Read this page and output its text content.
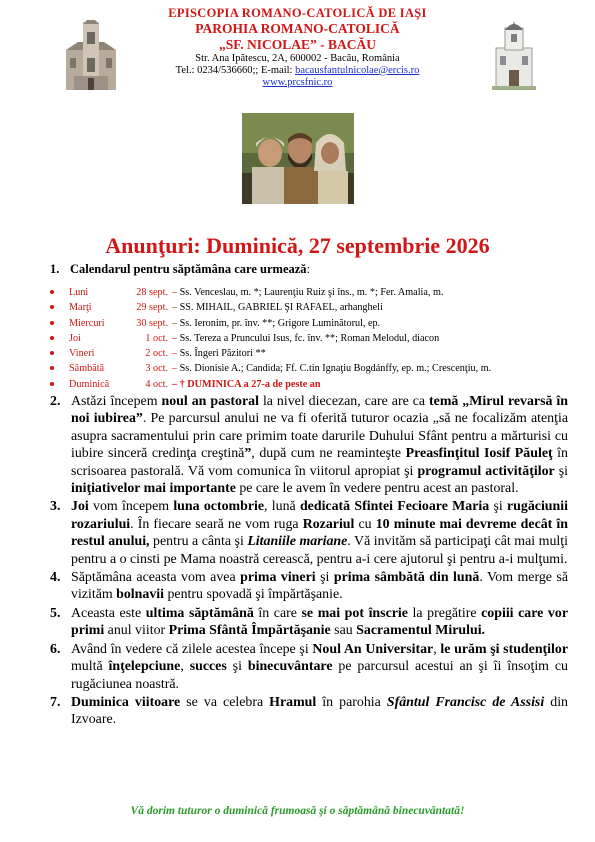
EPISCOPIA ROMANO-CATOLICĂ DE IAŞI
PAROHIA ROMANO-CATOLICĂ
„SF. NICOLAE” - BACĂU
Str. Ana Ipătescu, 2A, 600002 - Bacău, România
Tel.: 0234/536660;; E-mail: bacausfantulnicolae@ercis.ro
www.prcsfnic.ro
Anunţuri: Duminică, 27 septembrie 2026
1. Calendarul pentru săptămâna care urmează:
Luni	28 sept. – Ss. Venceslau, m. *; Laurenţiu Ruiz şi îns., m. *; Fer. Amalia, m.
Marţi	29 sept. – SS. MIHAIL, GABRIEL ŞI RAFAEL, arhangheli
Miercuri	30 sept. – Ss. Ieronim, pr. înv. **; Grigore Luminătorul, ep.
Joi	1 oct. – Ss. Tereza a Pruncului Isus, fc. înv. **; Roman Melodul, diacon
Vineri	2 oct. – Ss. Îngeri Păzitori **
Sâmbătă	3 oct. – Ss. Dionisie A.; Candida; Ff. C.tin Ignaţiu Bogdánffy, ep. m.; Crescenţiu, m.
Duminică	4 oct. – † DUMINICA a 27-a de peste an
2. Astăzi începem noul an pastoral la nivel diecezan, care are ca temă „Mirul revarsă în noi iubirea”. Pe parcursul anului ne va fi oferită tuturor ocazia „să ne focalizăm atenţia asupra sacramentului prin care primim toate darurile Duhului Sfânt pentru a mărturisi cu iubire sinceră credinţa creştină”, după cum ne reaminteşte Preasfinţitul Iosif Păuleţ în scrisoarea pastorală. Vă vom comunica în viitorul apropiat şi programul activităţilor şi iniţiativelor mai importante pe care le avem în vedere pentru acest an pastoral.
3. Joi vom începem luna octombrie, lună dedicată Sfintei Fecioare Maria şi rugăciunii rozariului. În fiecare seară ne vom ruga Rozariul cu 10 minute mai devreme decât în restul anului, pentru a cânta şi Litaniile mariane. Vă invităm să participaţi cât mai mulţi pentru a o cinsti pe Mama noastră cerească, pentru a-i cere ajutorul şi pentru a-i mulţumi.
4. Săptămâna aceasta vom avea prima vineri şi prima sâmbătă din lună. Vom merge să vizităm bolnavii pentru spovadă şi împărtăşanie.
5. Aceasta este ultima săptămână în care se mai pot înscrie la pregătire copiii care vor primi anul viitor Prima Sfântă Împărtăşanie sau Sacramentul Mirului.
6. Având în vedere că zilele acestea începe şi Noul An Universitar, le urăm şi studenţilor multă înţelepciune, succes şi binecuvântare pe parcursul acestui an şi îi însoţim cu rugăciunea noastră.
7. Duminica viitoare se va celebra Hramul în parohia Sfântul Francisc de Assisi din Izvoare.
Vă dorim tuturor o duminică frumoasă şi o săptămână binecuvântată!
